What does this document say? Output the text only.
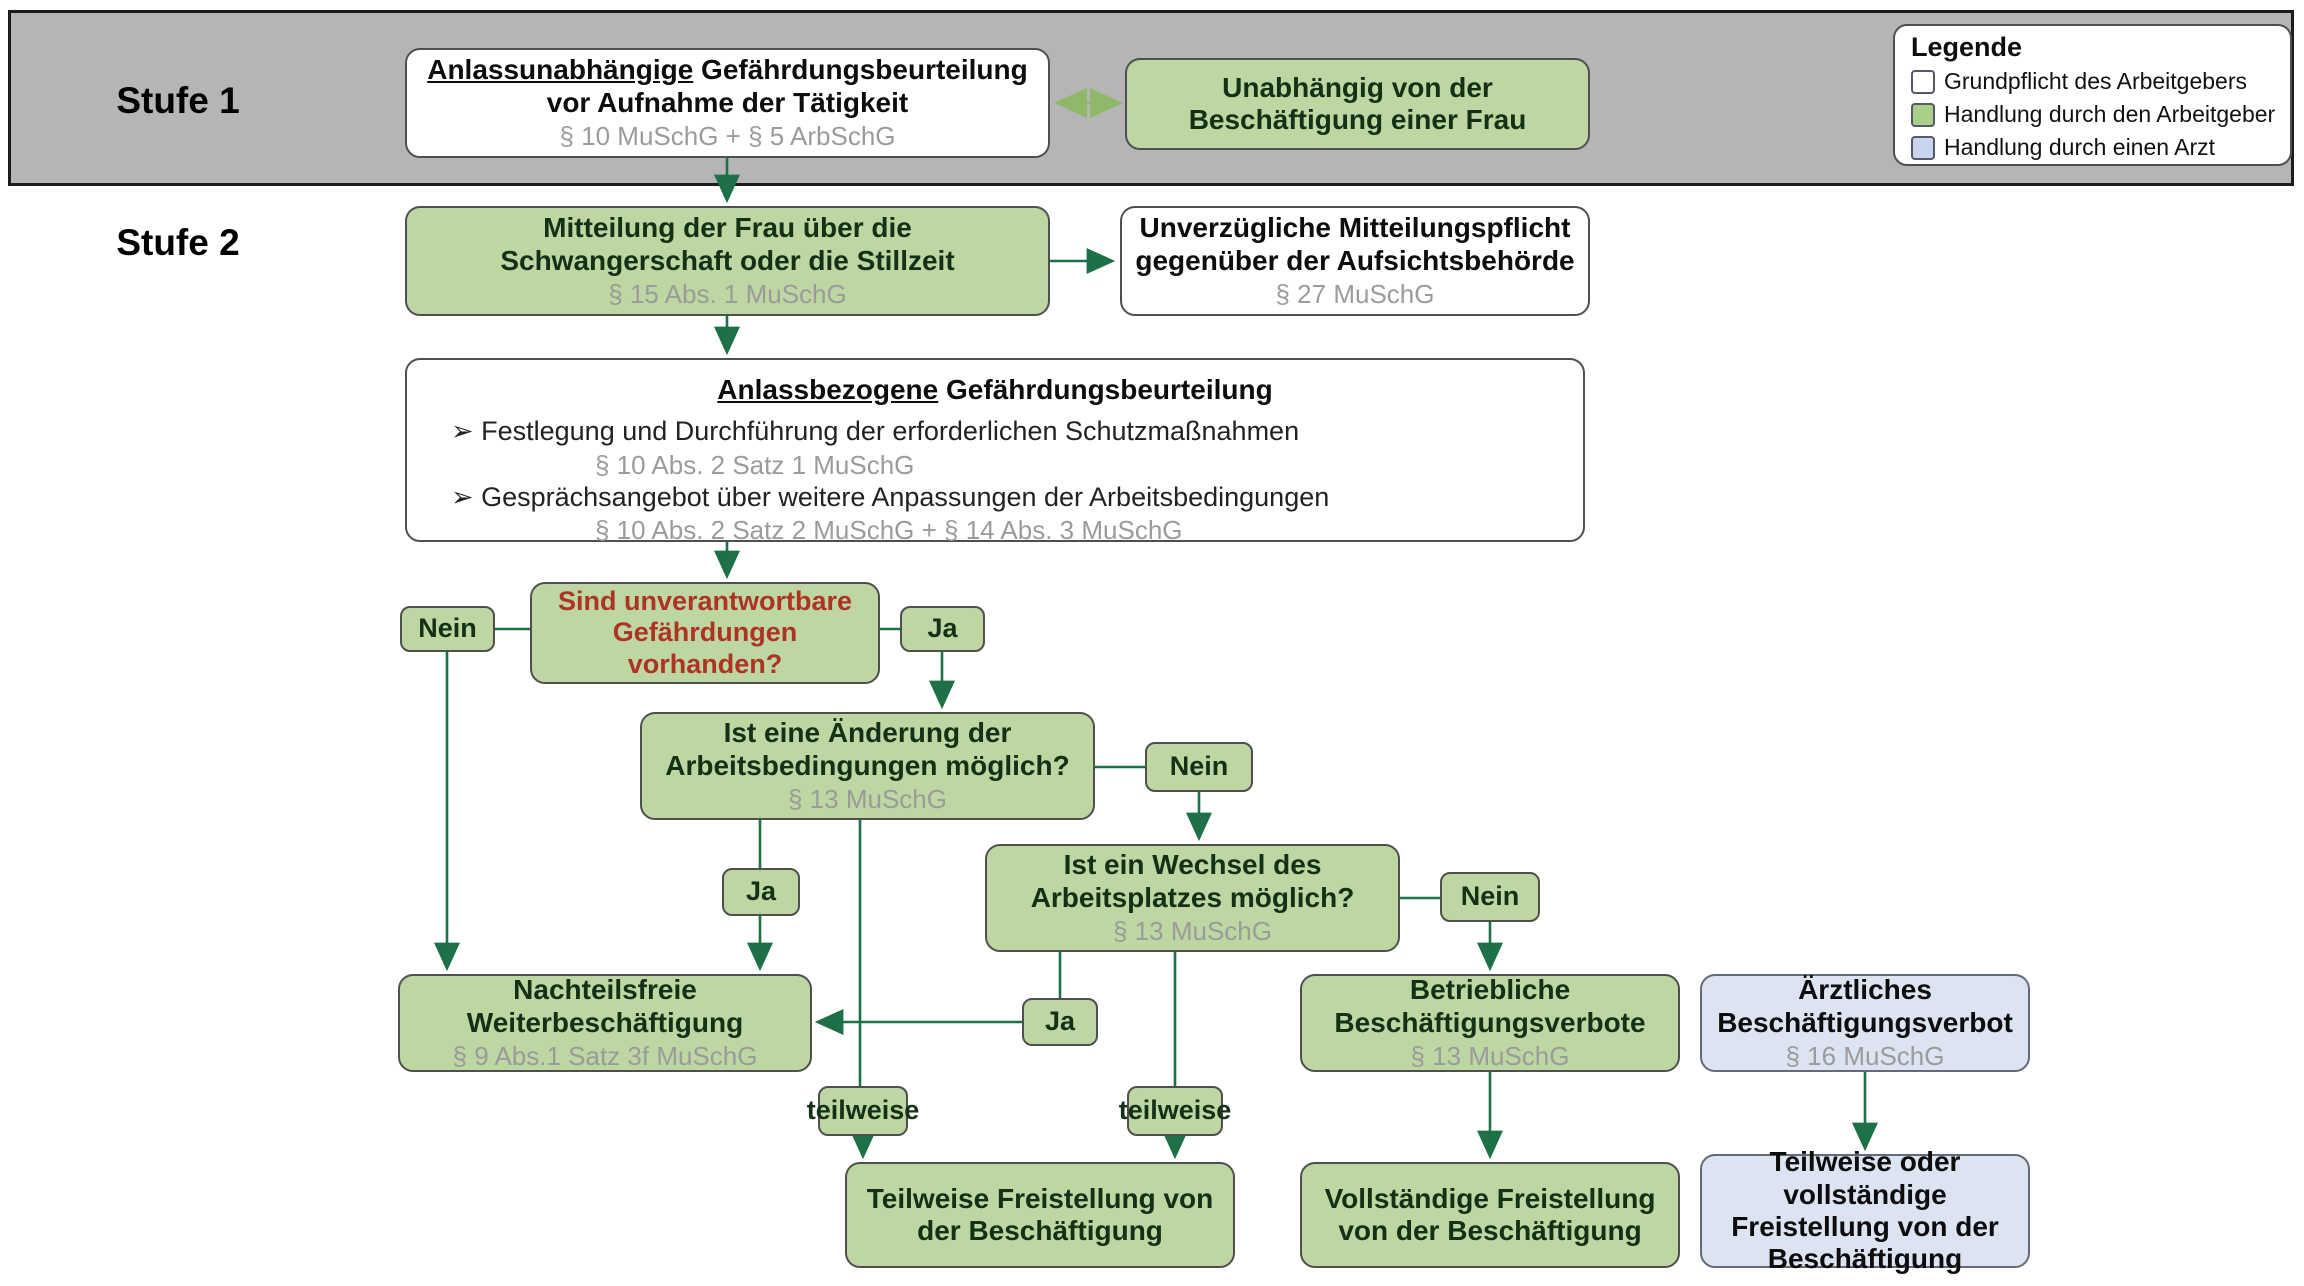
Stufe 1
Stufe 2
Anlassunabhängige Gefährdungsbeurteilung
vor Aufnahme der Tätigkeit
§ 10 MuSchG + § 5 ArbSchG
Unabhängig von der
Beschäftigung einer Frau
Legende
Grundpflicht des Arbeitgebers
Handlung durch den Arbeitgeber
Handlung durch einen Arzt
Mitteilung der Frau über die
Schwangerschaft oder die Stillzeit
§ 15 Abs. 1 MuSchG
Unverzügliche Mitteilungspflicht
gegenüber der Aufsichtsbehörde
§ 27 MuSchG
Anlassbezogene Gefährdungsbeurteilung
➢ Festlegung und Durchführung der erforderlichen Schutzmaßnahmen
§ 10 Abs. 2 Satz 1 MuSchG
➢ Gesprächsangebot über weitere Anpassungen der Arbeitsbedingungen
§ 10 Abs. 2 Satz 2 MuSchG + § 14 Abs. 3 MuSchG
Sind unverantwortbare
Gefährdungen
vorhanden?
Nein	Ja
Ist eine Änderung der
Arbeitsbedingungen möglich?
§ 13 MuSchG
Nein
Ja
Ist ein Wechsel des
Arbeitsplatzes möglich?
§ 13 MuSchG
Nein
Ja
Nachteilsfreie
Weiterbeschäftigung
§ 9 Abs.1 Satz 3f MuSchG
Betriebliche
Beschäftigungsverbote
§ 13 MuSchG
Ärztliches
Beschäftigungsverbot
§ 16 MuSchG
teilweise	teilweise
Teilweise Freistellung von
der Beschäftigung
Vollständige Freistellung
von der Beschäftigung
Teilweise oder vollständige
Freistellung von der
Beschäftigung
